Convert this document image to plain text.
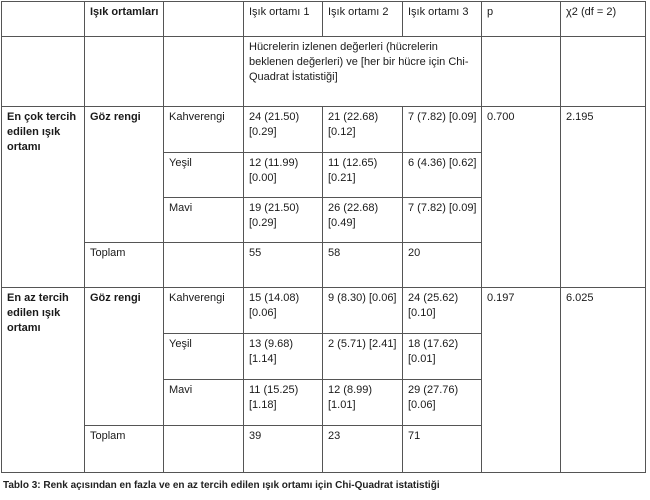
	Işık ortamları		Işık ortamı 1	Işık ortamı 2	Işık ortamı 3	p	χ2 (df = 2)
			Hücrelerin izlenen değerleri (hücrelerin beklenen değerleri) ve [her bir hücre için Chi-Quadrat İstatistiği]				
En çok tercih edilen ışık ortamı	Göz rengi	Kahverengi	24 (21.50) [0.29]	21 (22.68) [0.12]	7 (7.82) [0.09]	0.700	2.195
		Yeşil	12 (11.99) [0.00]	11 (12.65) [0.21]	6 (4.36) [0.62]		
		Mavi	19 (21.50) [0.29]	26 (22.68) [0.49]	7 (7.82) [0.09]		
	Toplam		55	58	20		
En az tercih edilen ışık ortamı	Göz rengi	Kahverengi	15 (14.08) [0.06]	9 (8.30) [0.06]	24 (25.62) [0.10]	0.197	6.025
		Yeşil	13 (9.68) [1.14]	2 (5.71) [2.41]	18 (17.62) [0.01]		
		Mavi	11 (15.25) [1.18]	12 (8.99) [1.01]	29 (27.76) [0.06]		
	Toplam		39	23	71		
Tablo 3: Renk açısından en fazla ve en az tercih edilen ışık ortamı için Chi-Quadrat istatistiği
